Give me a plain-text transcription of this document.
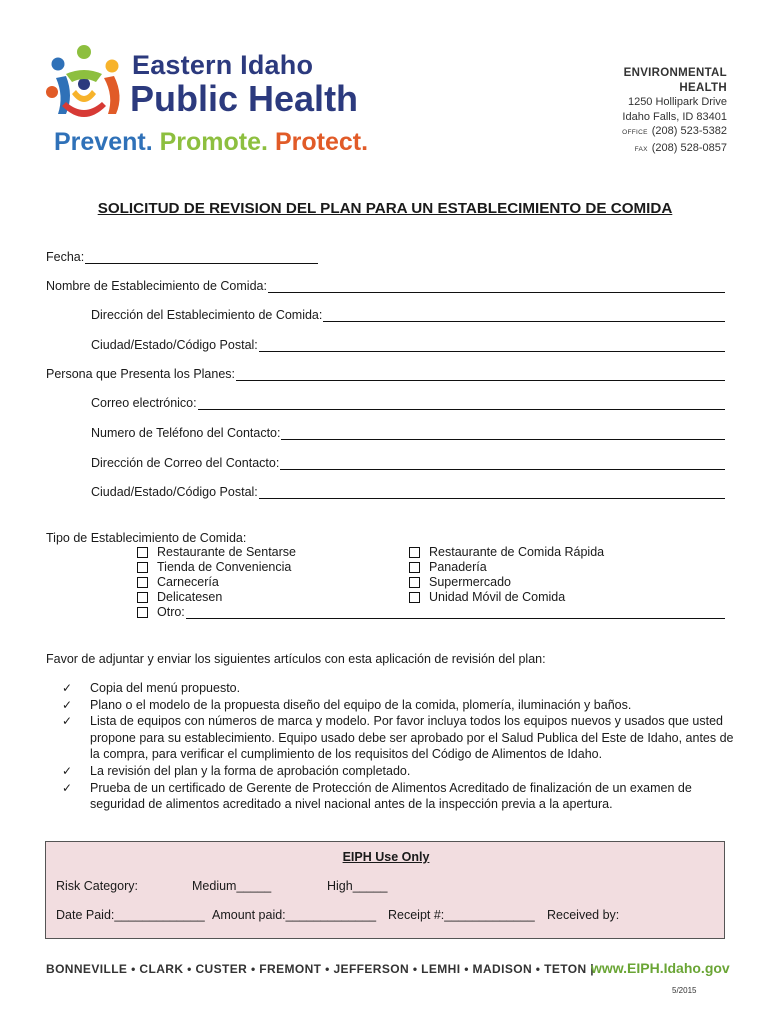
Eastern Idaho
Public Health
Prevent. Promote. Protect.
ENVIRONMENTAL HEALTH
1250 Hollipark Drive
Idaho Falls, ID 83401
OFFICE (208) 523-5382
FAX (208) 528-0857
SOLICITUD DE REVISION DEL PLAN PARA UN ESTABLECIMIENTO DE COMIDA
Fecha:
Nombre de Establecimiento de Comida:
Dirección del Establecimiento de Comida:
Ciudad/Estado/Código Postal:
Persona que Presenta los Planes:
Correo electrónico:
Numero de Teléfono del Contacto:
Dirección de Correo del Contacto:
Ciudad/Estado/Código Postal:
Tipo de Establecimiento de Comida:
Restaurante de Sentarse
Tienda de Conveniencia
Carnecería
Delicatesen
Otro:
Restaurante de Comida Rápida
Panadería
Supermercado
Unidad Móvil de Comida
Favor de adjuntar y enviar los siguientes artículos con esta aplicación de revisión del plan:
✓	Copia del menú propuesto.
✓	Plano o el modelo de la propuesta diseño del equipo de la comida, plomería, iluminación y baños.
✓	Lista de equipos con números de marca y modelo. Por favor incluya todos los equipos nuevos y usados que usted propone para su establecimiento. Equipo usado debe ser aprobado por el Salud Publica del Este de Idaho, antes de la compra, para verificar el cumplimiento de los requisitos del Código de Alimentos de Idaho.
✓	La revisión del plan y la forma de aprobación completado.
✓	Prueba de un certificado de Gerente de Protección de Alimentos Acreditado de finalización de un examen de seguridad de alimentos acreditado a nivel nacional antes de la inspección previa a la apertura.
EIPH Use Only
Risk Category:	Medium_____	High_____
Date Paid:_____________ Amount paid:_____________ Receipt #:_____________ Received by:
BONNEVILLE • CLARK • CUSTER • FREMONT • JEFFERSON • LEMHI • MADISON • TETON |
www.EIPH.Idaho.gov
5/2015
